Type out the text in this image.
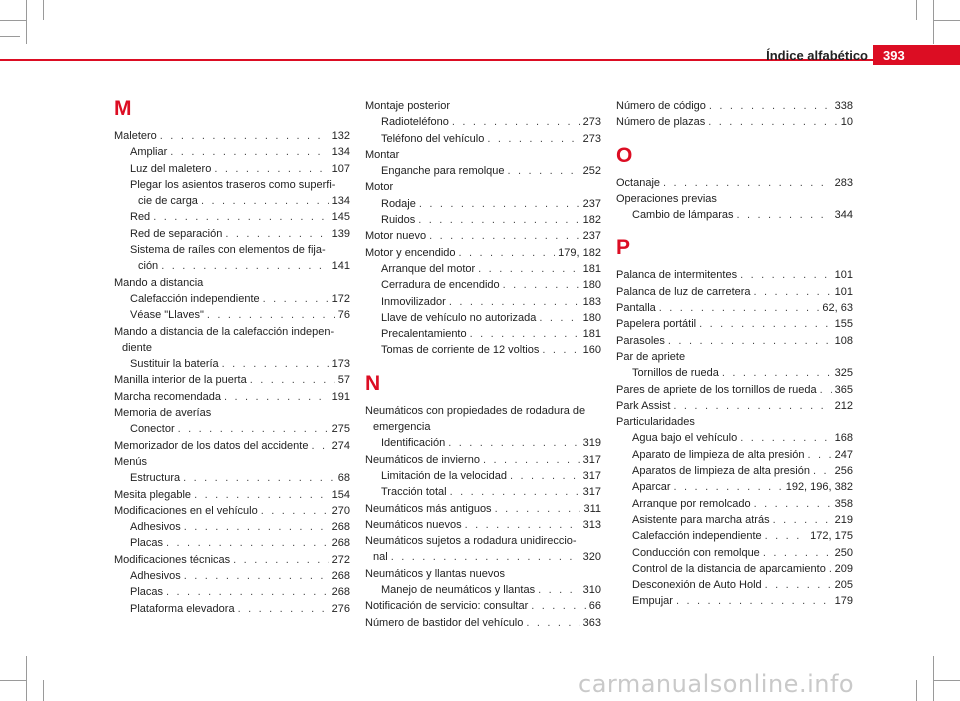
Índice alfabético 393
M
Maletero . . .	132
Ampliar . . .	134
Luz del maletero . . .	107
Plegar los asientos traseros como superfi-
cie de carga . . .	134
Red . . .	145
Red de separación . . .	139
Sistema de raíles con elementos de fija-
ción . . .	141
Mando a distancia
Calefacción independiente . . .	172
Véase "Llaves" . . .	76
Mando a distancia de la calefacción indepen-
diente
Sustituir la batería . . .	173
Manilla interior de la puerta . . .	57
Marcha recomendada . . .	191
Memoria de averías
Conector . . .	275
Memorizador de los datos del accidente . . . 274
Menús
Estructura . . .	68
Mesita plegable . . .	154
Modificaciones en el vehículo . . .	270
Adhesivos . . .	268
Placas . . .	268
Modificaciones técnicas . . .	272
Adhesivos . . .	268
Placas . . .	268
Plataforma elevadora . . .	276
Montaje posterior
Radioteléfono . . .	273
Teléfono del vehículo . . .	273
Montar
Enganche para remolque . . .	252
Motor
Rodaje . . .	237
Ruidos . . .	182
Motor nuevo . . .	237
Motor y encendido . . .	179, 182
Arranque del motor . . .	181
Cerradura de encendido . . .	180
Inmovilizador . . .	183
Llave de vehículo no autorizada . . .	180
Precalentamiento . . .	181
Tomas de corriente de 12 voltios . . .	160
N
Neumáticos con propiedades de rodadura de
emergencia
Identificación . . .	319
Neumáticos de invierno . . .	317
Limitación de la velocidad . . .	317
Tracción total . . .	317
Neumáticos más antiguos . . .	311
Neumáticos nuevos . . .	313
Neumáticos sujetos a rodadura unidireccio-
nal . . .	320
Neumáticos y llantas nuevos
Manejo de neumáticos y llantas . . .	310
Notificación de servicio: consultar . . .	66
Número de bastidor del vehículo . . .	363
Número de código . . .	338
Número de plazas . . .	10
O
Octanaje . . .	283
Operaciones previas
Cambio de lámparas . . .	344
P
Palanca de intermitentes . . .	101
Palanca de luz de carretera . . .	101
Pantalla . . .	62, 63
Papelera portátil . . .	155
Parasoles . . .	108
Par de apriete
Tornillos de rueda . . .	325
Pares de apriete de los tornillos de rueda . . . 365
Park Assist . . .	212
Particularidades
Agua bajo el vehículo . . .	168
Aparato de limpieza de alta presión . . .	247
Aparatos de limpieza de alta presión . . . 256
Aparcar . . .	192, 196, 382
Arranque por remolcado . . .	358
Asistente para marcha atrás . . .	219
Calefacción independiente . . .	172, 175
Conducción con remolque . . .	250
Control de la distancia de aparcamiento . . . 209
Desconexión de Auto Hold . . .	205
Empujar . . .	179
carmanualsonline.info
